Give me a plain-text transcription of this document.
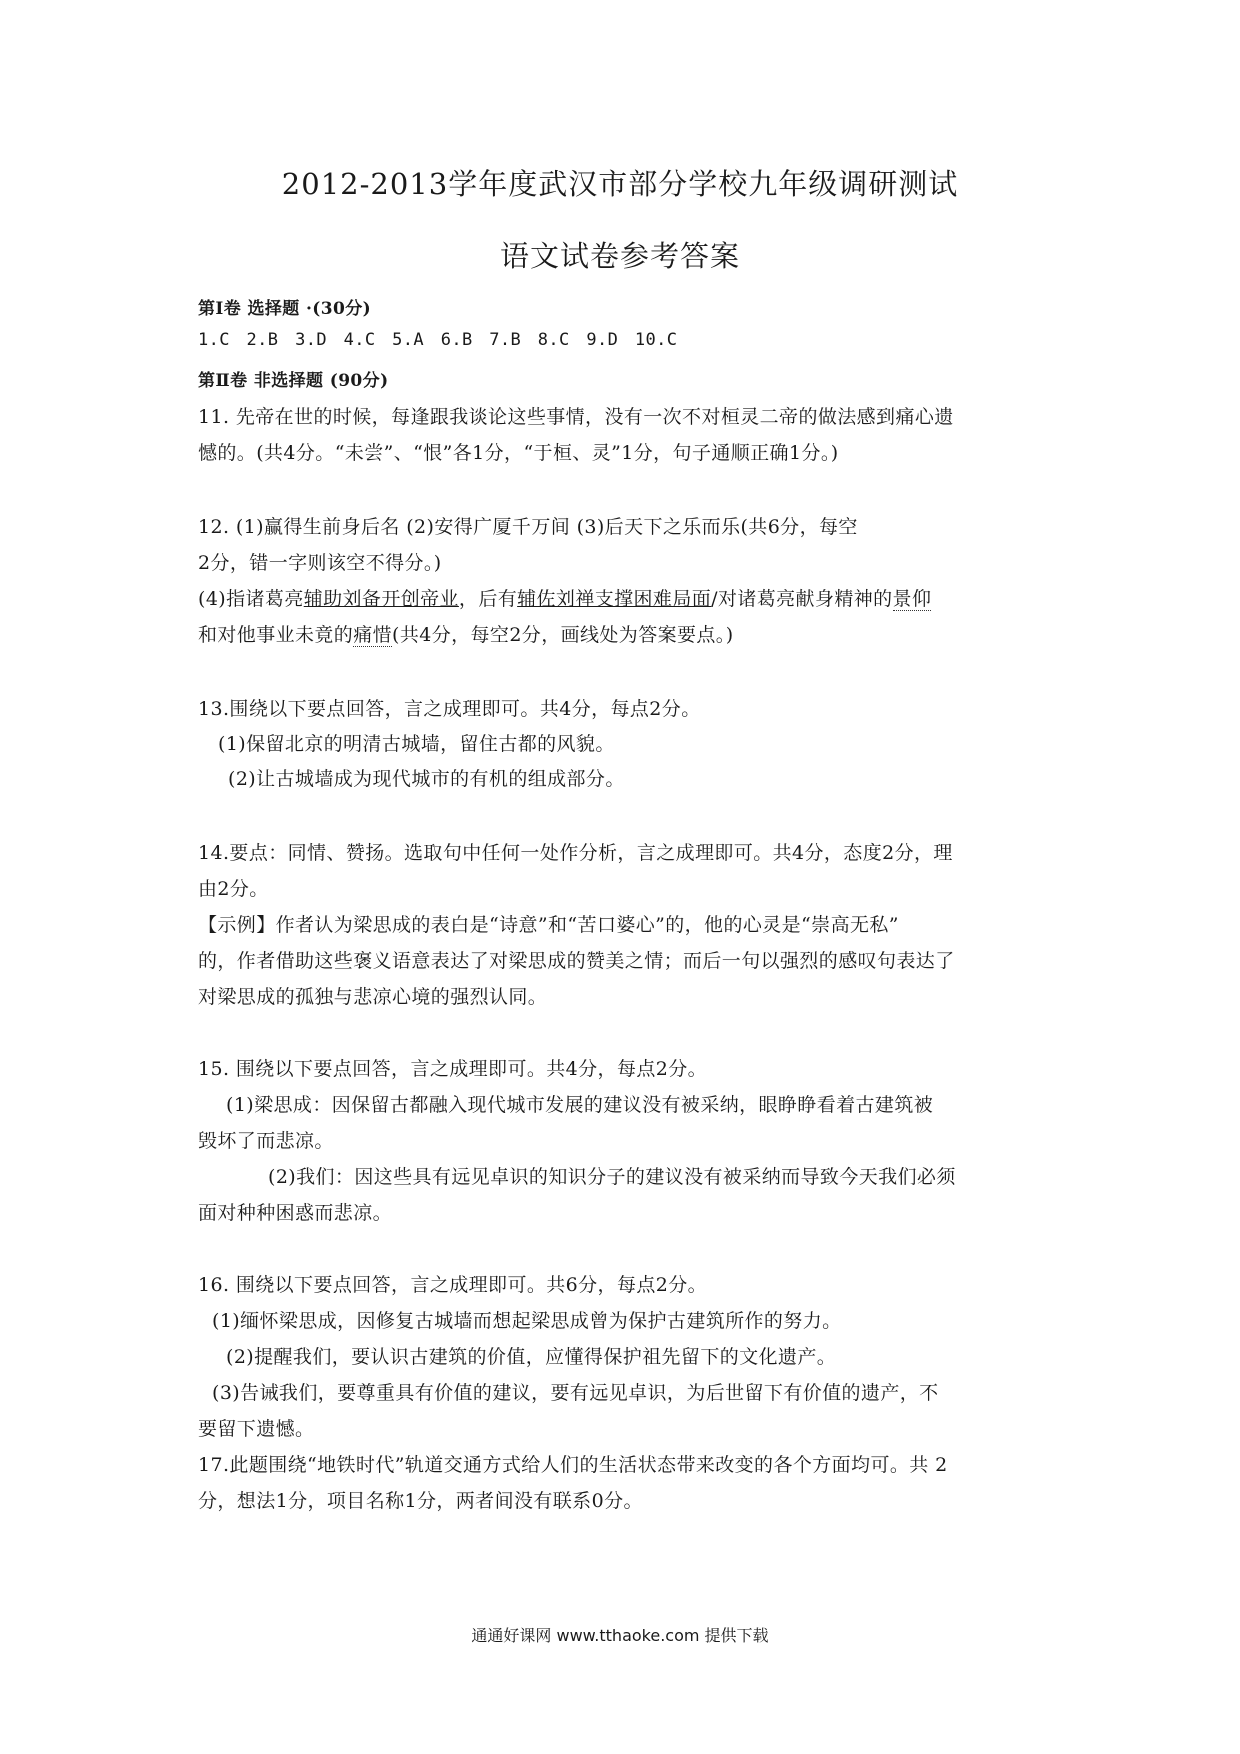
2012-2013学年度武汉市部分学校九年级调研测试
语文试卷参考答案
第Ⅰ卷 选择题 ·(30分)
1.C 2.B 3.D 4.C 5.A 6.B 7.B 8.C 9.D 10.C
第Ⅱ卷 非选择题 (90分)
11. 先帝在世的时候，每逢跟我谈论这些事情，没有一次不对桓灵二帝的做法感到痛心遗
憾的。(共4分。“未尝”、“恨”各1分，“于桓、灵”1分，句子通顺正确1分。)
12. (1)赢得生前身后名 (2)安得广厦千万间 (3)后天下之乐而乐(共6分，每空
2分，错一字则该空不得分。)
(4)指诸葛亮辅助刘备开创帝业，后有辅佐刘禅支撑困难局面/对诸葛亮献身精神的景仰
和对他事业未竟的痛惜(共4分，每空2分，画线处为答案要点。)
13.围绕以下要点回答，言之成理即可。共4分，每点2分。
(1)保留北京的明清古城墙，留住古都的风貌。
(2)让古城墙成为现代城市的有机的组成部分。
14.要点：同情、赞扬。选取句中任何一处作分析，言之成理即可。共4分，态度2分，理
由2分。
【示例】作者认为梁思成的表白是“诗意”和“苦口婆心”的，他的心灵是“崇高无私”
的，作者借助这些褒义语意表达了对梁思成的赞美之情；而后一句以强烈的感叹句表达了
对梁思成的孤独与悲凉心境的强烈认同。
15. 围绕以下要点回答，言之成理即可。共4分，每点2分。
(1)梁思成：因保留古都融入现代城市发展的建议没有被采纳，眼睁睁看着古建筑被
毁坏了而悲凉。
(2)我们：因这些具有远见卓识的知识分子的建议没有被采纳而导致今天我们必须
面对种种困惑而悲凉。
16. 围绕以下要点回答，言之成理即可。共6分，每点2分。
(1)缅怀梁思成，因修复古城墙而想起梁思成曾为保护古建筑所作的努力。
(2)提醒我们，要认识古建筑的价值，应懂得保护祖先留下的文化遗产。
(3)告诫我们，要尊重具有价值的建议，要有远见卓识，为后世留下有价值的遗产，不
要留下遗憾。
17.此题围绕“地铁时代”轨道交通方式给人们的生活状态带来改变的各个方面均可。共 2
分，想法1分，项目名称1分，两者间没有联系0分。
通通好课网 www.tthaoke.com 提供下载
